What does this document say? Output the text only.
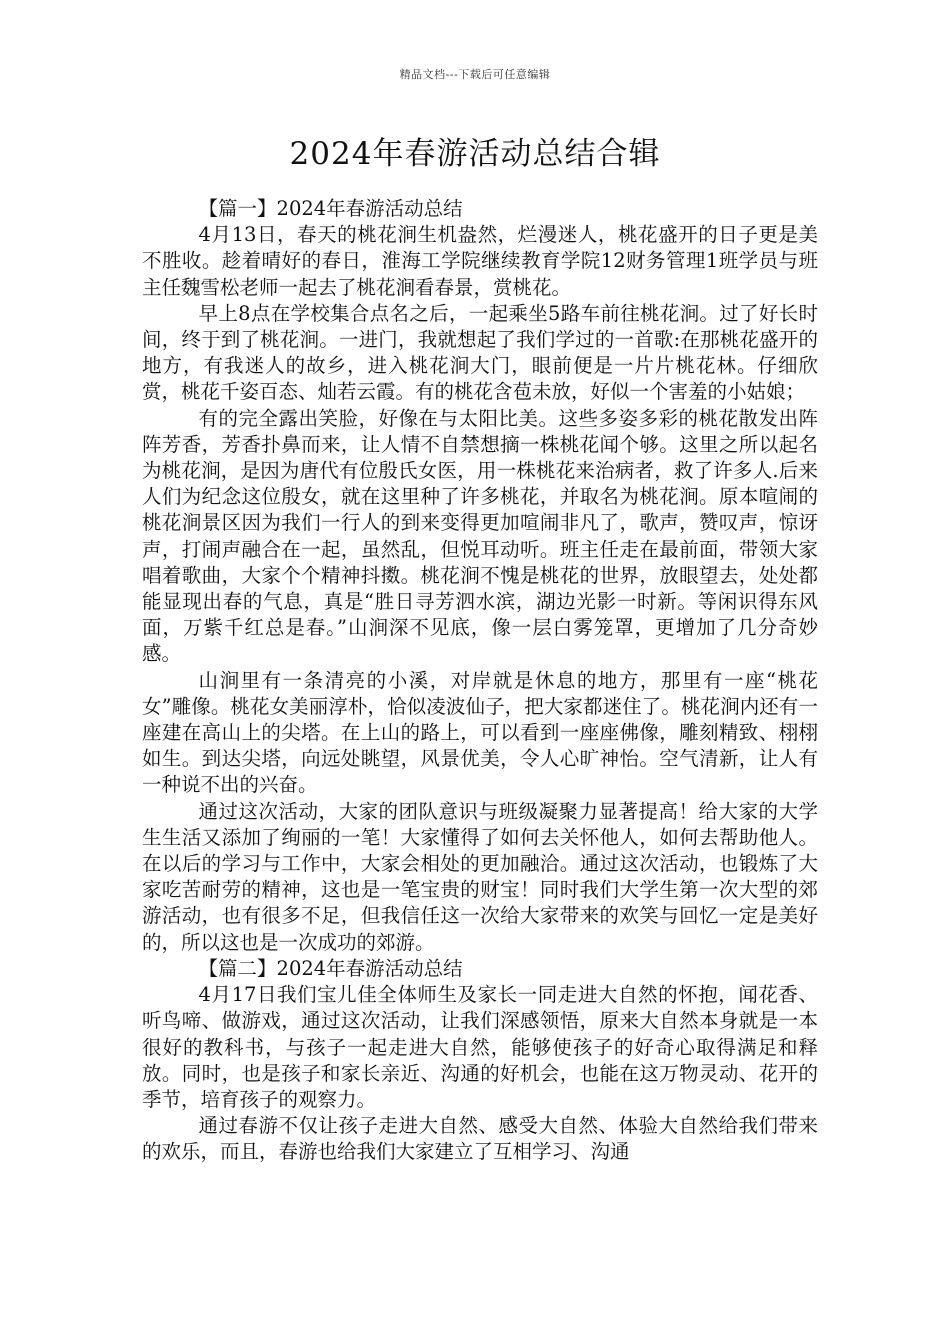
精品文档---下载后可任意编辑
2024年春游活动总结合辑

【篇一】2024年春游活动总结

4月13日，春天的桃花涧生机盎然，烂漫迷人，桃花盛开的日子更是美不胜收。趁着晴好的春日，淮海工学院继续教育学院12财务管理1班学员与班主任魏雪松老师一起去了桃花涧看春景，赏桃花。

早上8点在学校集合点名之后，一起乘坐5路车前往桃花涧。过了好长时间，终于到了桃花涧。一进门，我就想起了我们学过的一首歌:在那桃花盛开的地方，有我迷人的故乡，进入桃花涧大门，眼前便是一片片桃花林。仔细欣赏，桃花千姿百态、灿若云霞。有的桃花含苞未放，好似一个害羞的小姑娘；

有的完全露出笑脸，好像在与太阳比美。这些多姿多彩的桃花散发出阵阵芳香，芳香扑鼻而来，让人情不自禁想摘一株桃花闻个够。这里之所以起名为桃花涧，是因为唐代有位殷氏女医，用一株桃花来治病者，救了许多人.后来人们为纪念这位殷女，就在这里种了许多桃花，并取名为桃花涧。原本喧闹的桃花涧景区因为我们一行人的到来变得更加喧闹非凡了，歌声，赞叹声，惊讶声，打闹声融合在一起，虽然乱，但悦耳动听。班主任走在最前面，带领大家唱着歌曲，大家个个精神抖擞。桃花涧不愧是桃花的世界，放眼望去，处处都能显现出春的气息，真是“胜日寻芳泗水滨，湖边光影一时新。等闲识得东风面，万紫千红总是春。”山涧深不见底，像一层白雾笼罩，更增加了几分奇妙感。

山涧里有一条清亮的小溪，对岸就是休息的地方，那里有一座“桃花女”雕像。桃花女美丽淳朴，恰似凌波仙子，把大家都迷住了。桃花涧内还有一座建在高山上的尖塔。在上山的路上，可以看到一座座佛像，雕刻精致、栩栩如生。到达尖塔，向远处眺望，风景优美，令人心旷神怡。空气清新，让人有一种说不出的兴奋。

通过这次活动，大家的团队意识与班级凝聚力显著提高！给大家的大学生生活又添加了绚丽的一笔！大家懂得了如何去关怀他人，如何去帮助他人。在以后的学习与工作中，大家会相处的更加融洽。通过这次活动，也锻炼了大家吃苦耐劳的精神，这也是一笔宝贵的财宝！同时我们大学生第一次大型的郊游活动，也有很多不足，但我信任这一次给大家带来的欢笑与回忆一定是美好的，所以这也是一次成功的郊游。

【篇二】2024年春游活动总结

4月17日我们宝儿佳全体师生及家长一同走进大自然的怀抱，闻花香、听鸟啼、做游戏，通过这次活动，让我们深感领悟，原来大自然本身就是一本很好的教科书，与孩子一起走进大自然，能够使孩子的好奇心取得满足和释放。同时，也是孩子和家长亲近、沟通的好机会，也能在这万物灵动、花开的季节，培育孩子的观察力。

通过春游不仅让孩子走进大自然、感受大自然、体验大自然给我们带来的欢乐，而且，春游也给我们大家建立了互相学习、沟通
